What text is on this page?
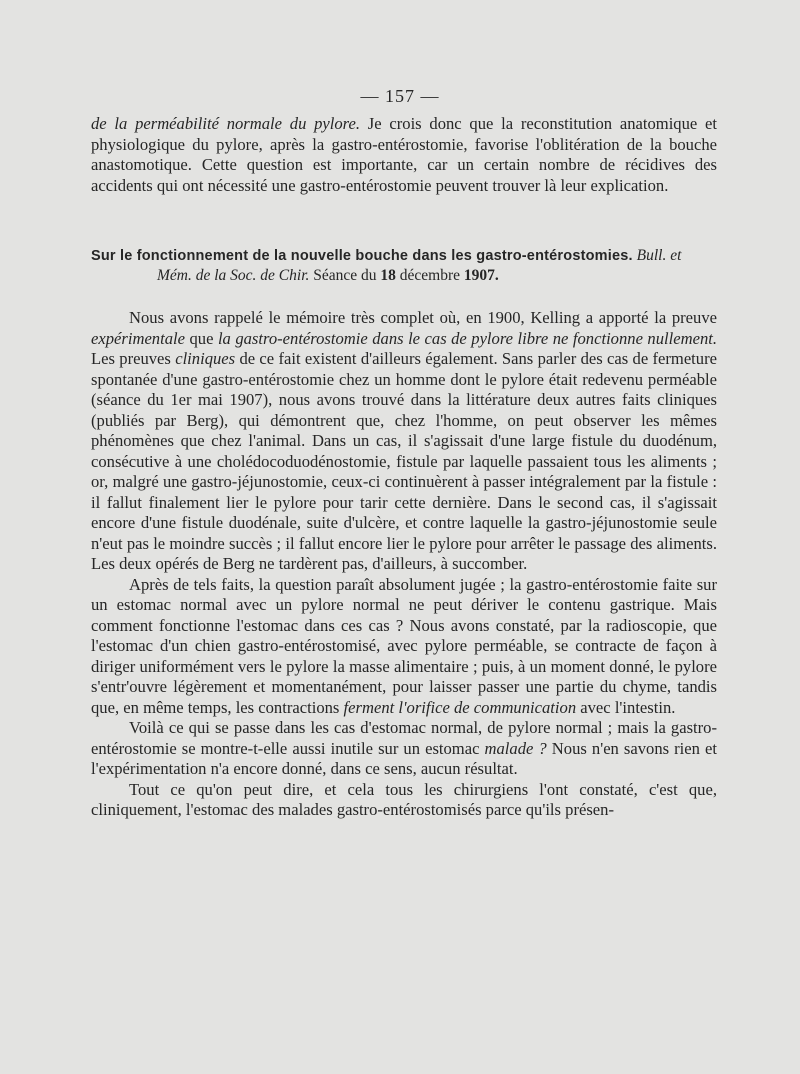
— 157 —

de la perméabilité normale du pylore. Je crois donc que la reconstitution anatomique et physiologique du pylore, après la gastro-entérostomie, favorise l'oblitération de la bouche anastomotique. Cette question est importante, car un certain nombre de récidives des accidents qui ont nécessité une gastro-entérostomie peuvent trouver là leur explication.

Sur le fonctionnement de la nouvelle bouche dans les gastro-entérostomies. Bull. et

Mém. de la Soc. de Chir. Séance du 18 décembre 1907.

Nous avons rappelé le mémoire très complet où, en 1900, Kelling a apporté la preuve expérimentale que la gastro-entérostomie dans le cas de pylore libre ne fonctionne nullement. Les preuves cliniques de ce fait existent d'ailleurs également. Sans parler des cas de fermeture spontanée d'une gastro-entérostomie chez un homme dont le pylore était redevenu perméable (séance du 1er mai 1907), nous avons trouvé dans la littérature deux autres faits cliniques (publiés par Berg), qui démontrent que, chez l'homme, on peut observer les mêmes phénomènes que chez l'animal. Dans un cas, il s'agissait d'une large fistule du duodénum, consécutive à une cholédocoduodénostomie, fistule par laquelle passaient tous les aliments ; or, malgré une gastro-jéjunostomie, ceux-ci continuèrent à passer intégralement par la fistule : il fallut finalement lier le pylore pour tarir cette dernière. Dans le second cas, il s'agissait encore d'une fistule duodénale, suite d'ulcère, et contre laquelle la gastro-jéjunostomie seule n'eut pas le moindre succès ; il fallut encore lier le pylore pour arrêter le passage des aliments. Les deux opérés de Berg ne tardèrent pas, d'ailleurs, à succomber.

Après de tels faits, la question paraît absolument jugée ; la gastro-entérostomie faite sur un estomac normal avec un pylore normal ne peut dériver le contenu gastrique. Mais comment fonctionne l'estomac dans ces cas ? Nous avons constaté, par la radioscopie, que l'estomac d'un chien gastro-entérostomisé, avec pylore perméable, se contracte de façon à diriger uniformément vers le pylore la masse alimentaire ; puis, à un moment donné, le pylore s'entr'ouvre légèrement et momentanément, pour laisser passer une partie du chyme, tandis que, en même temps, les contractions ferment l'orifice de communication avec l'intestin.

Voilà ce qui se passe dans les cas d'estomac normal, de pylore normal ; mais la gastro-entérostomie se montre-t-elle aussi inutile sur un estomac malade ? Nous n'en savons rien et l'expérimentation n'a encore donné, dans ce sens, aucun résultat.

Tout ce qu'on peut dire, et cela tous les chirurgiens l'ont constaté, c'est que, cliniquement, l'estomac des malades gastro-entérostomisés parce qu'ils présen-
